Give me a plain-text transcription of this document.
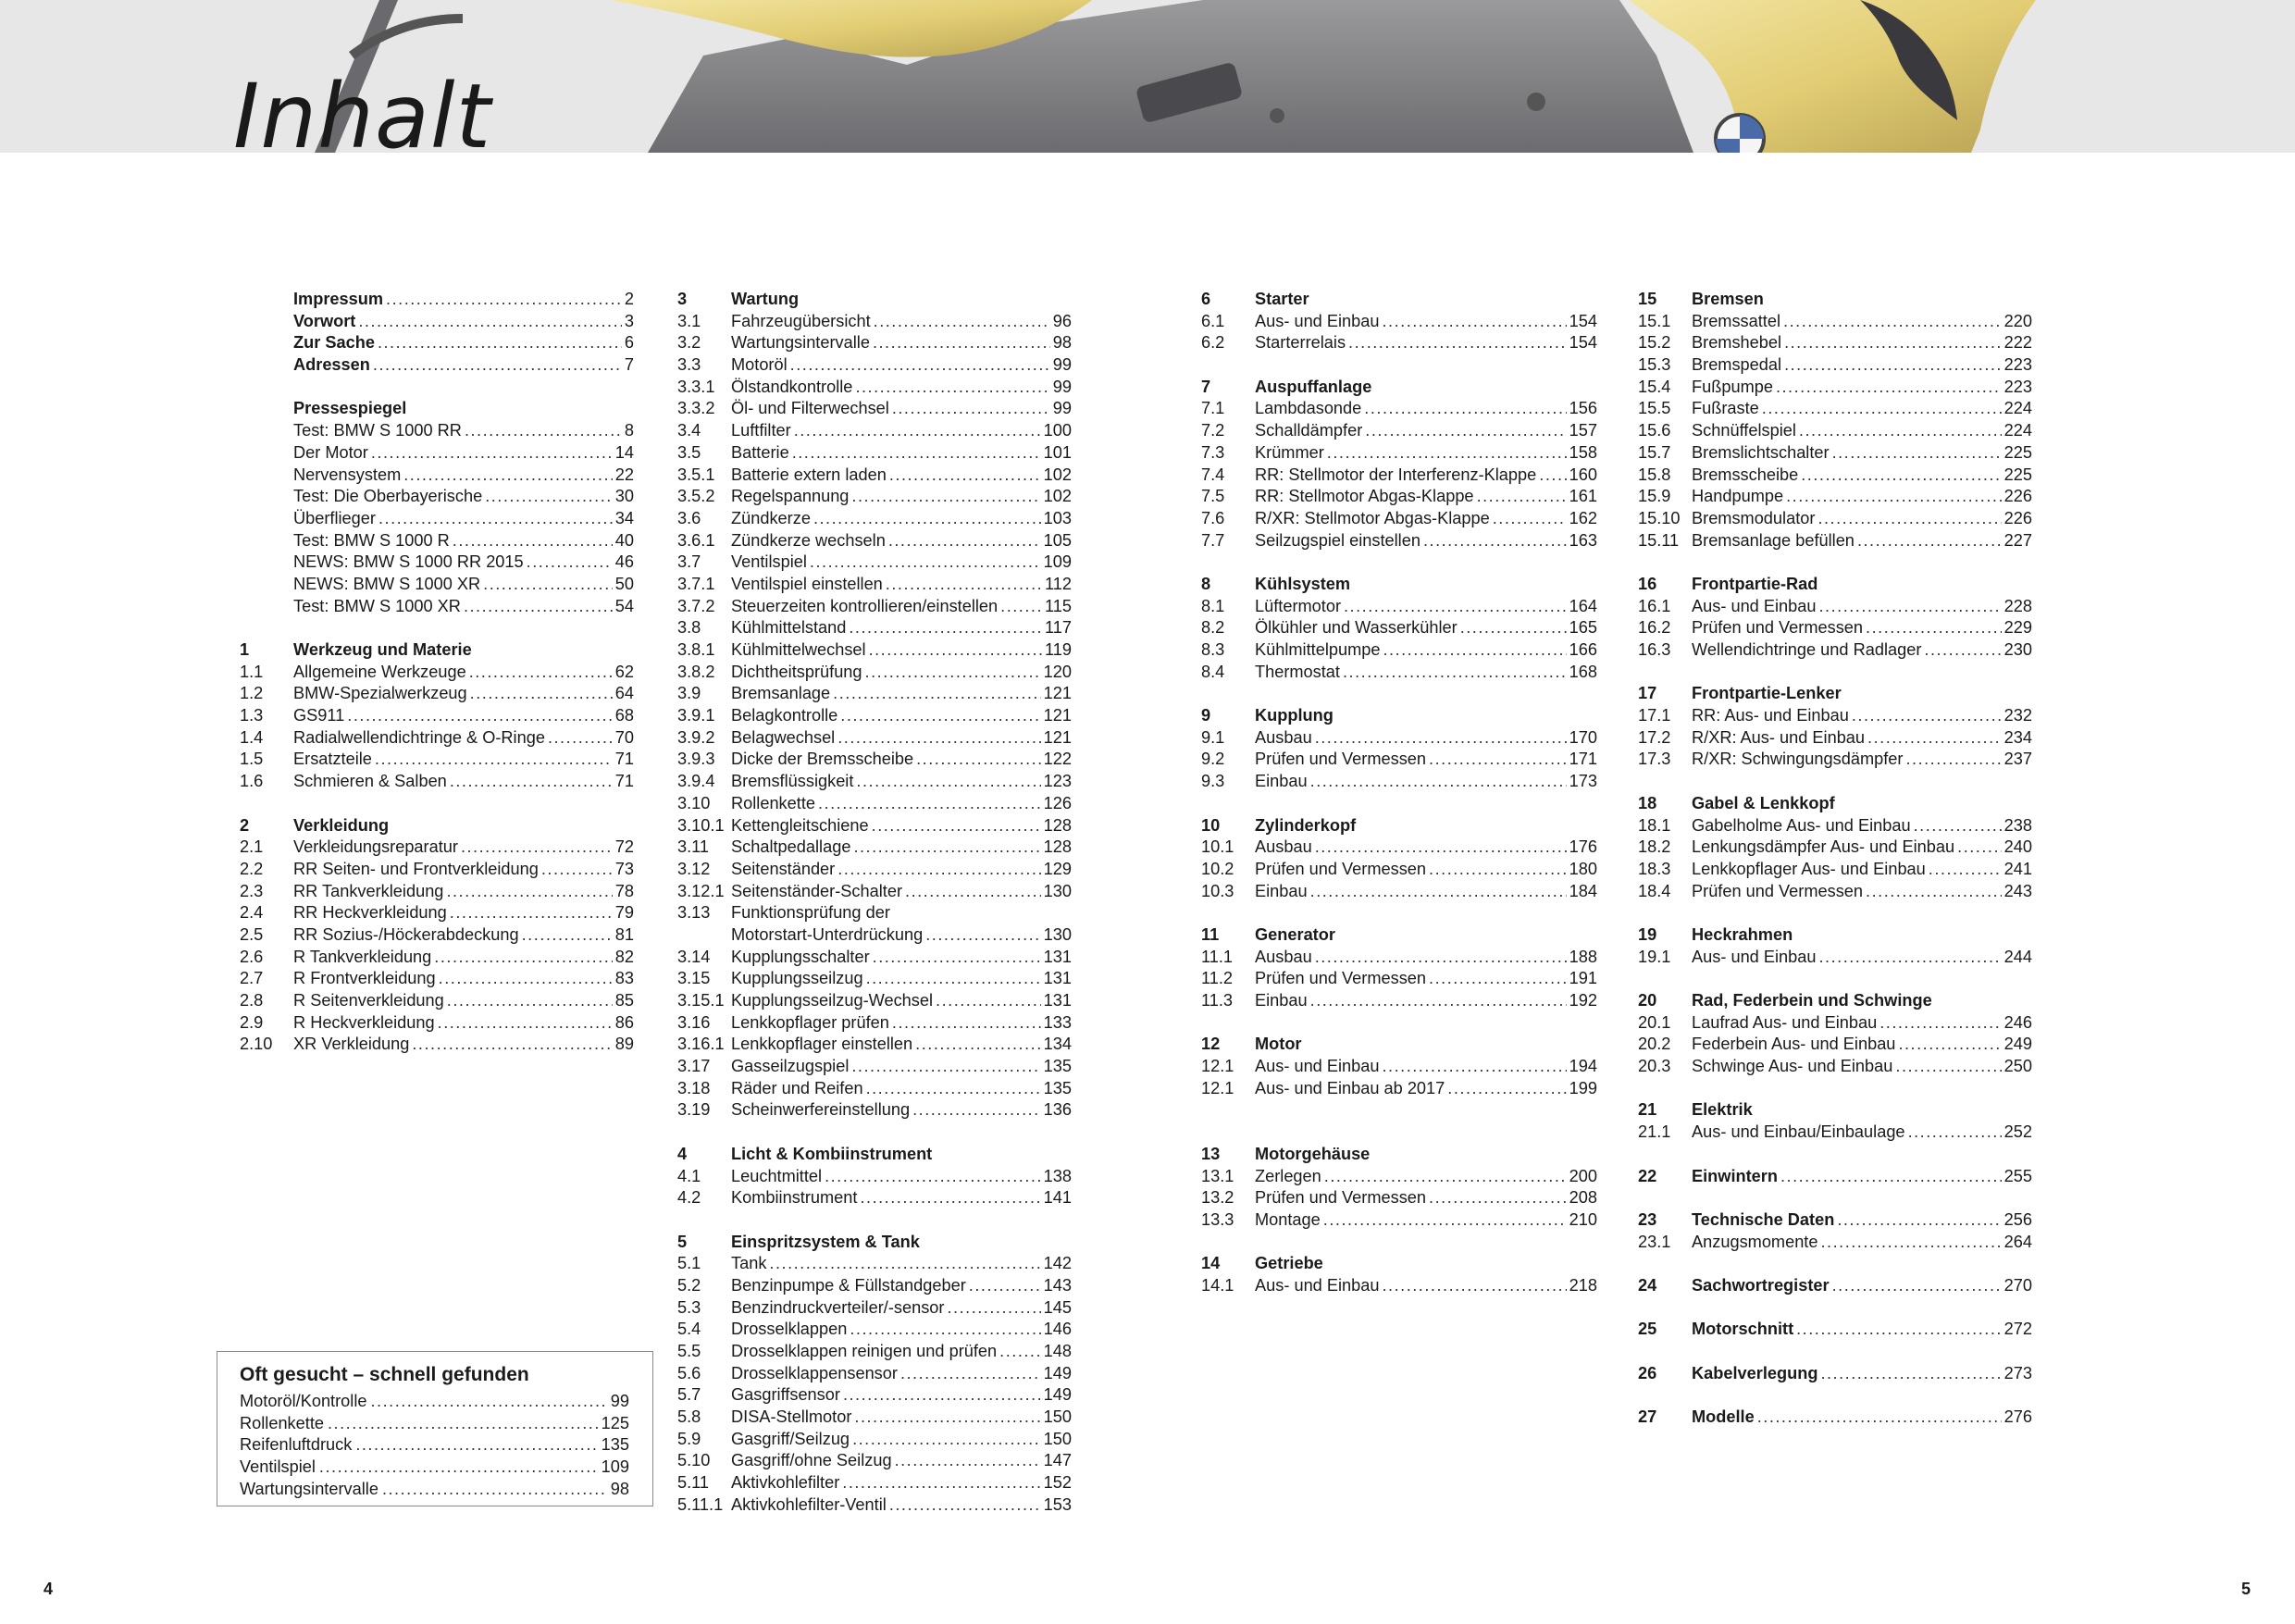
Inhalt
Impressum .....	2
Vorwort .....	3
Zur Sache .....	6
Adressen .....	7
Pressespiegel
Test: BMW S 1000 RR .....	8
Der Motor .....	14
Nervensystem .....	22
Test: Die Oberbayerische .....	30
Überflieger .....	34
Test: BMW S 1000 R .....	40
NEWS: BMW S 1000 RR 2015 .....	46
NEWS: BMW S 1000 XR .....	50
Test: BMW S 1000 XR .....	54
1	Werkzeug und Materie
1.1	Allgemeine Werkzeuge .....	62
1.2	BMW-Spezialwerkzeug .....	64
1.3	GS911 .....	68
1.4	Radialwellendichtringe & O-Ringe .....	70
1.5	Ersatzteile .....	71
1.6	Schmieren & Salben .....	71
2	Verkleidung
2.1	Verkleidungsreparatur .....	72
2.2	RR Seiten- und Frontverkleidung .....	73
2.3	RR Tankverkleidung .....	78
2.4	RR Heckverkleidung .....	79
2.5	RR Sozius-/Höckerabdeckung .....	81
2.6	R Tankverkleidung .....	82
2.7	R Frontverkleidung .....	83
2.8	R Seitenverkleidung .....	85
2.9	R Heckverkleidung .....	86
2.10	XR Verkleidung .....	89
3	Wartung
3.1	Fahrzeugübersicht .....	96
3.2	Wartungsintervalle .....	98
3.3	Motoröl .....	99
3.3.1 Ölstandkontrolle .....	99
3.3.2 Öl- und Filterwechsel .....	99
3.4	Luftfilter .....	100
3.5	Batterie .....	101
3.5.1 Batterie extern laden .....	102
3.5.2 Regelspannung .....	102
3.6	Zündkerze .....	103
3.6.1 Zündkerze wechseln .....	105
3.7	Ventilspiel .....	109
3.7.1 Ventilspiel einstellen .....	112
3.7.2 Steuerzeiten kontrollieren/einstellen .....	115
3.8	Kühlmittelstand .....	117
3.8.1 Kühlmittelwechsel .....	119
3.8.2 Dichtheitsprüfung .....	120
3.9	Bremsanlage .....	121
3.9.1 Belagkontrolle .....	121
3.9.2 Belagwechsel .....	121
3.9.3 Dicke der Bremsscheibe .....	122
3.9.4 Bremsflüssigkeit .....	123
3.10	Rollenkette .....	126
3.10.1 Kettengleitschiene .....	128
3.11	Schaltpedallage .....	128
3.12	Seitenständer .....	129
3.12.1 Seitenständer-Schalter .....	130
3.13	Funktionsprüfung der
Motorstart-Unterdrückung .....	130
3.14	Kupplungsschalter .....	131
3.15	Kupplungsseilzug .....	131
3.15.1 Kupplungsseilzug-Wechsel .....	131
3.16	Lenkkopflager prüfen .....	133
3.16.1 Lenkkopflager einstellen .....	134
3.17	Gasseilzugspiel .....	135
3.18	Räder und Reifen .....	135
3.19	Scheinwerfereinstellung .....	136
4	Licht & Kombiinstrument
4.1	Leuchtmittel .....	138
4.2	Kombiinstrument .....	141
5	Einspritzsystem & Tank
5.1	Tank .....	142
5.2	Benzinpumpe & Füllstandgeber .....	143
5.3	Benzindruckverteiler/-sensor .....	145
5.4	Drosselklappen .....	146
5.5	Drosselklappen reinigen und prüfen .....	148
5.6	Drosselklappensensor .....	149
5.7	Gasgriffsensor .....	149
5.8	DISA-Stellmotor .....	150
5.9	Gasgriff/Seilzug .....	150
5.10	Gasgriff/ohne Seilzug .....	147
5.11	Aktivkohlefilter .....	152
5.11.1 Aktivkohlefilter-Ventil .....	153
6	Starter
6.1	Aus- und Einbau .....	154
6.2	Starterrelais .....	154
7	Auspuffanlage
7.1	Lambdasonde .....	156
7.2	Schalldämpfer .....	157
7.3	Krümmer .....	158
7.4	RR: Stellmotor der Interferenz-Klappe ..... 160
7.5	RR: Stellmotor Abgas-Klappe .....	161
7.6	R/XR: Stellmotor Abgas-Klappe .....	162
7.7	Seilzugspiel einstellen .....	163
8	Kühlsystem
8.1	Lüftermotor .....	164
8.2	Ölkühler und Wasserkühler .....	165
8.3	Kühlmittelpumpe .....	166
8.4	Thermostat .....	168
9	Kupplung
9.1	Ausbau .....	170
9.2	Prüfen und Vermessen .....	171
9.3	Einbau .....	173
10	Zylinderkopf
10.1	Ausbau .....	176
10.2	Prüfen und Vermessen .....	180
10.3	Einbau .....	184
11	Generator
11.1	Ausbau .....	188
11.2	Prüfen und Vermessen .....	191
11.3	Einbau .....	192
12	Motor
12.1	Aus- und Einbau .....	194
12.1	Aus- und Einbau ab 2017 .....	199
13	Motorgehäuse
13.1	Zerlegen .....	200
13.2	Prüfen und Vermessen .....	208
13.3	Montage .....	210
14	Getriebe
14.1	Aus- und Einbau .....	218
15	Bremsen
15.1	Bremssattel .....	220
15.2	Bremshebel .....	222
15.3	Bremspedal .....	223
15.4	Fußpumpe .....	223
15.5	Fußraste .....	224
15.6	Schnüffelspiel .....	224
15.7	Bremslichtschalter .....	225
15.8	Bremsscheibe .....	225
15.9	Handpumpe .....	226
15.10 Bremsmodulator .....	226
15.11 Bremsanlage befüllen .....	227
16	Frontpartie-Rad
16.1	Aus- und Einbau .....	228
16.2	Prüfen und Vermessen .....	229
16.3	Wellendichtringe und Radlager .....	230
17	Frontpartie-Lenker
17.1	RR: Aus- und Einbau .....	232
17.2	R/XR: Aus- und Einbau .....	234
17.3	R/XR: Schwingungsdämpfer .....	237
18	Gabel & Lenkkopf
18.1	Gabelholme Aus- und Einbau .....	238
18.2	Lenkungsdämpfer Aus- und Einbau .....	240
18.3	Lenkkopflager Aus- und Einbau .....	241
18.4	Prüfen und Vermessen .....	243
19	Heckrahmen
19.1	Aus- und Einbau .....	244
20	Rad, Federbein und Schwinge
20.1	Laufrad Aus- und Einbau .....	246
20.2	Federbein Aus- und Einbau .....	249
20.3	Schwinge Aus- und Einbau .....	250
21	Elektrik
21.1	Aus- und Einbau/Einbaulage .....	252
22	Einwintern .....	255
23	Technische Daten .....	256
23.1	Anzugsmomente .....	264
24	Sachwortregister .....	270
25	Motorschnitt .....	272
26	Kabelverlegung .....	273
27	Modelle .....	276
Oft gesucht – schnell gefunden
Motoröl/Kontrolle .....	99
Rollenkette .....	125
Reifenluftdruck .....	135
Ventilspiel .....	109
Wartungsintervalle .....	98
4	5
